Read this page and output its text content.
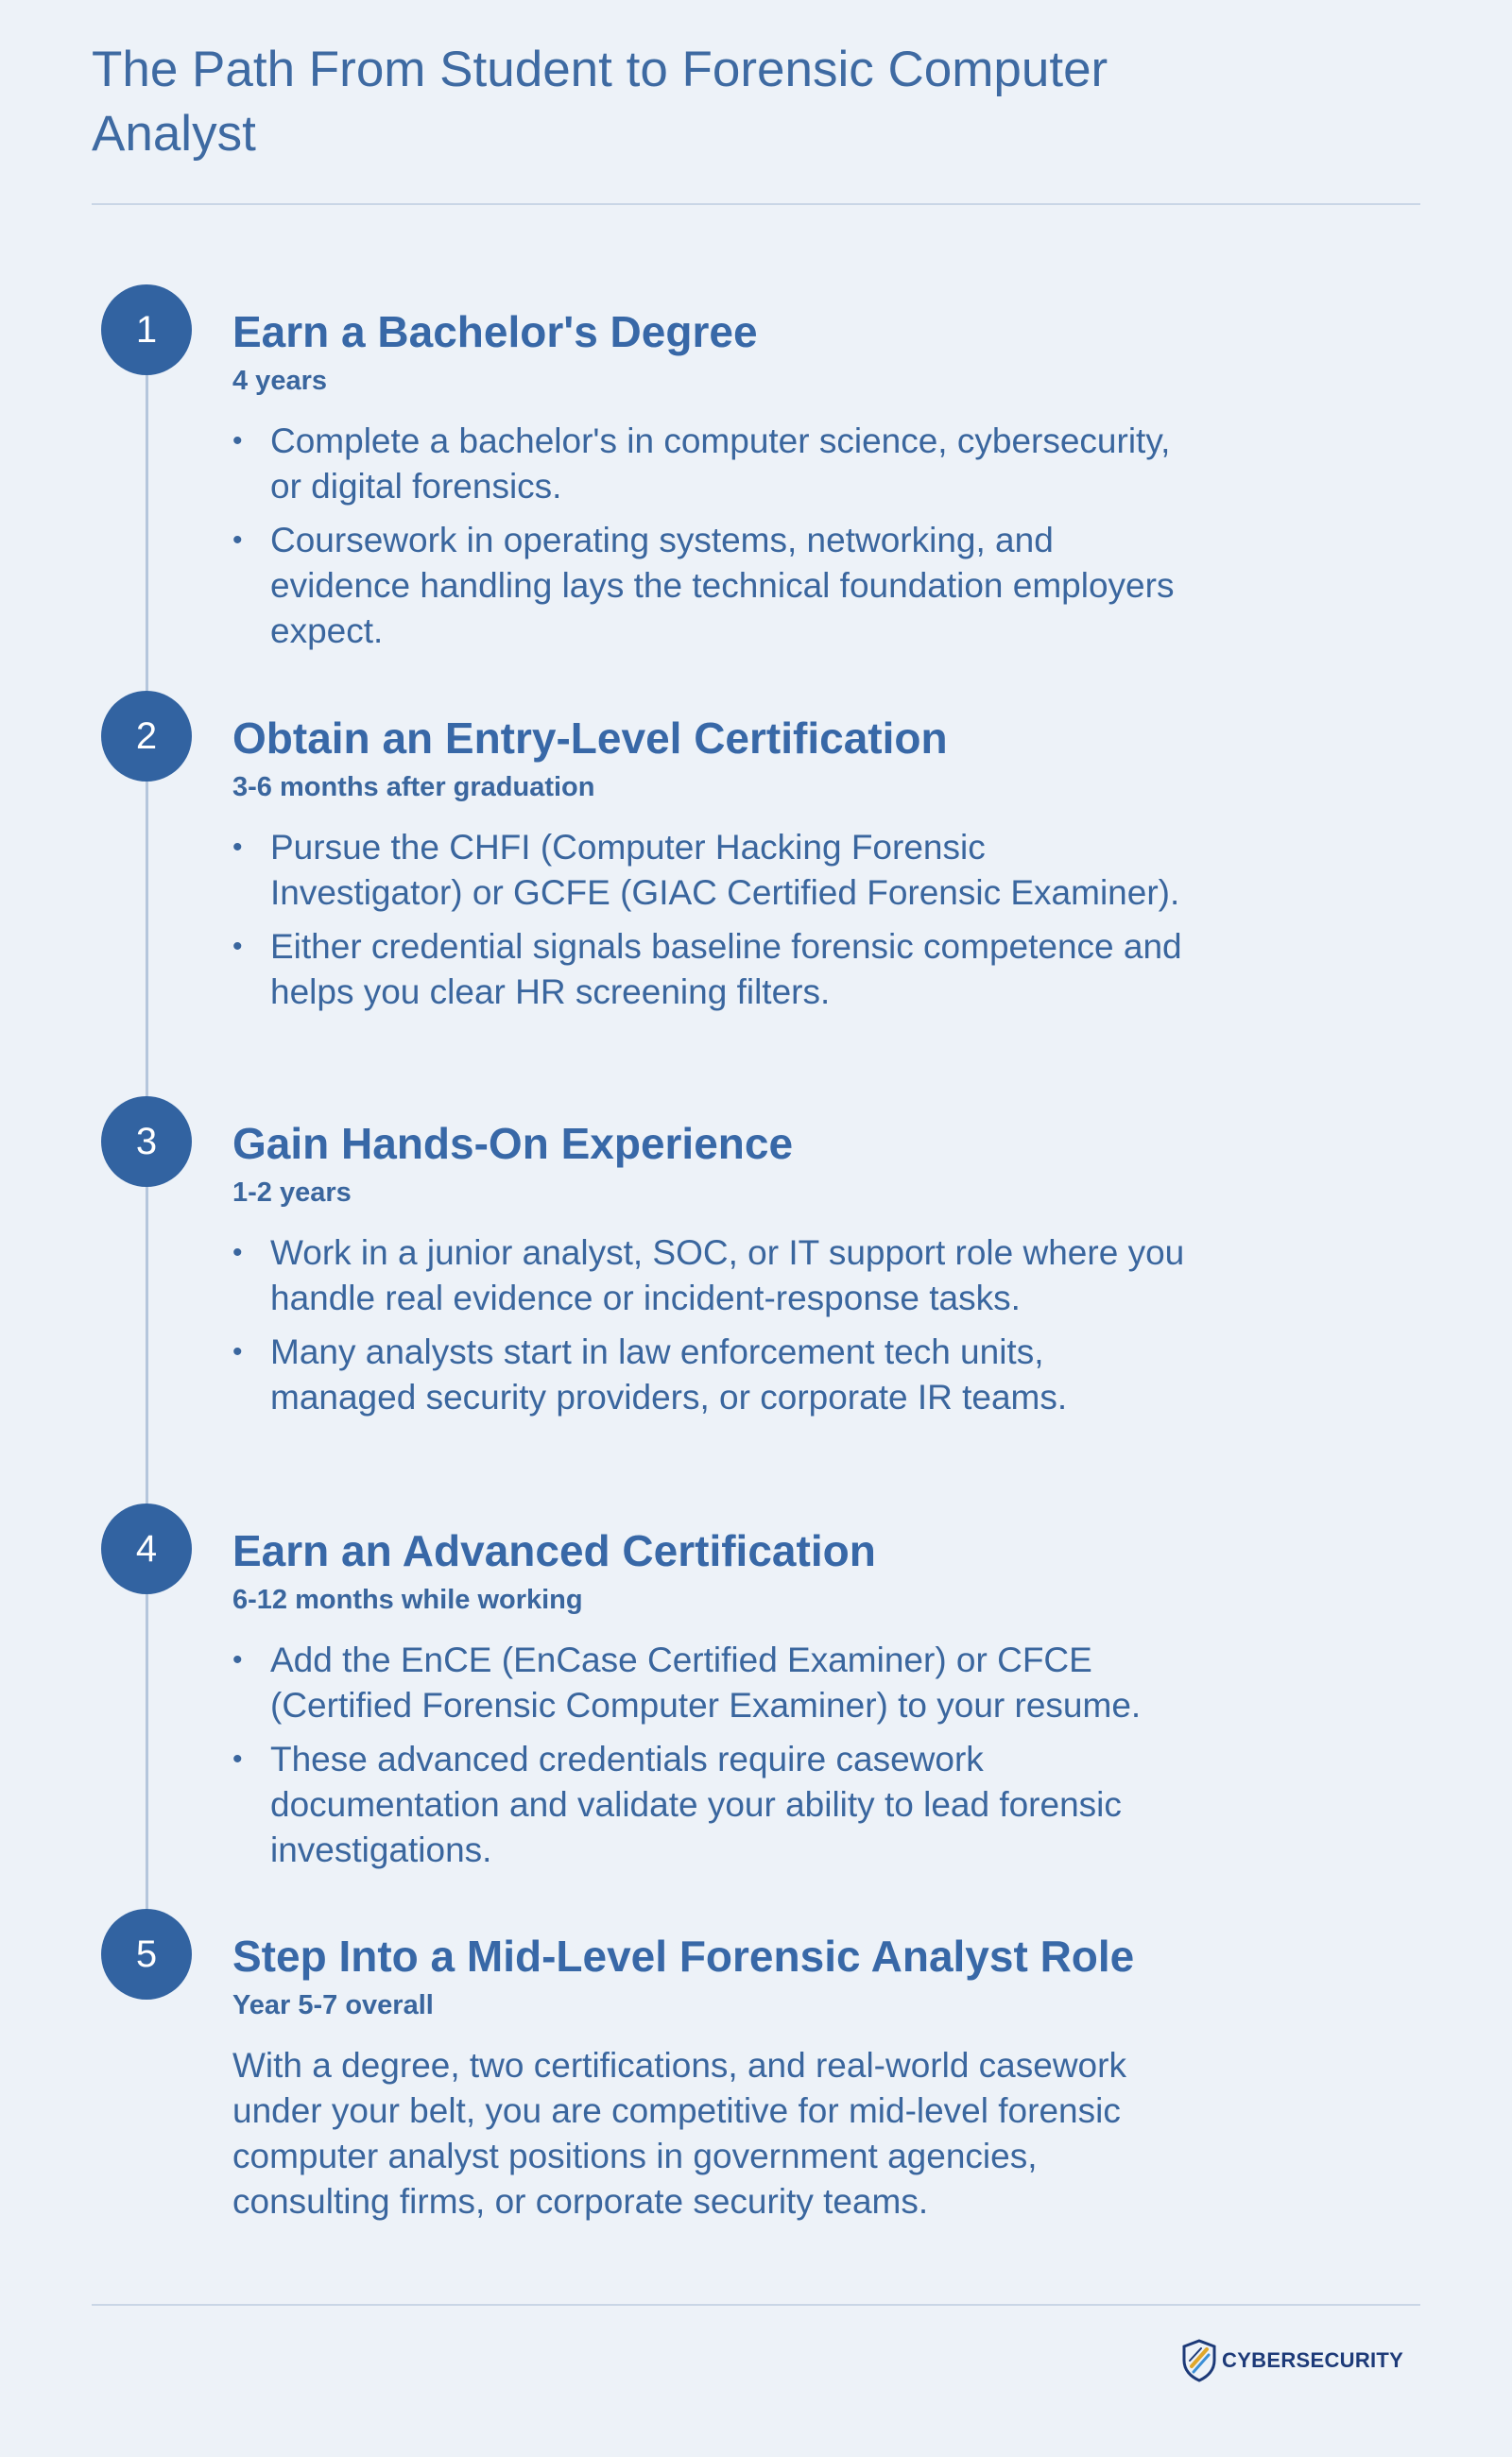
The Path From Student to Forensic Computer Analyst
1	Earn a Bachelor's Degree
4 years
• Complete a bachelor's in computer science, cybersecurity, or digital forensics.
• Coursework in operating systems, networking, and evidence handling lays the technical foundation employers expect.
2	Obtain an Entry-Level Certification
3-6 months after graduation
• Pursue the CHFI (Computer Hacking Forensic Investigator) or GCFE (GIAC Certified Forensic Examiner).
• Either credential signals baseline forensic competence and helps you clear HR screening filters.
3	Gain Hands-On Experience
1-2 years
• Work in a junior analyst, SOC, or IT support role where you handle real evidence or incident-response tasks.
• Many analysts start in law enforcement tech units, managed security providers, or corporate IR teams.
4	Earn an Advanced Certification
6-12 months while working
• Add the EnCE (EnCase Certified Examiner) or CFCE (Certified Forensic Computer Examiner) to your resume.
• These advanced credentials require casework documentation and validate your ability to lead forensic investigations.
5	Step Into a Mid-Level Forensic Analyst Role
Year 5-7 overall

With a degree, two certifications, and real-world casework under your belt, you are competitive for mid-level forensic computer analyst positions in government agencies, consulting firms, or corporate security teams.

CYBERSECURITY
